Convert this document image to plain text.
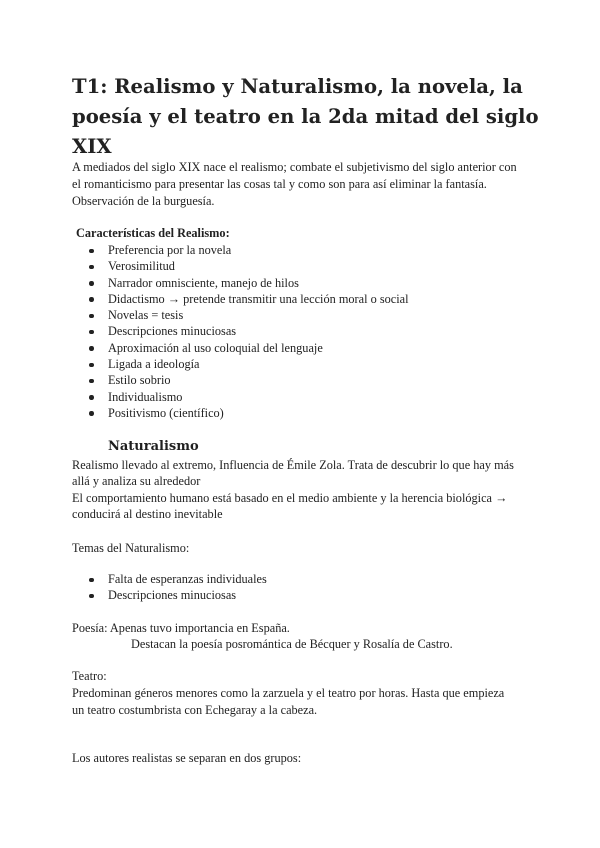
T1: Realismo y Naturalismo, la novela, la poesía y el teatro en la 2da mitad del siglo XIX
A mediados del siglo XIX nace el realismo; combate el subjetivismo del siglo anterior con
el romanticismo para presentar las cosas tal y como son para así eliminar la fantasía.
Observación de la burguesía.
Características del Realismo:
Preferencia por la novela
Verosimilitud
Narrador omnisciente, manejo de hilos
Didactismo → pretende transmitir una lección moral o social
Novelas = tesis
Descripciones minuciosas
Aproximación al uso coloquial del lenguaje
Ligada a ideología
Estilo sobrio
Individualismo
Positivismo (científico)
Naturalismo
Realismo llevado al extremo, Influencia de Émile Zola. Trata de descubrir lo que hay más
allá y analiza su alrededor
El comportamiento humano está basado en el medio ambiente y la herencia biológica →
conducirá al destino inevitable
Temas del Naturalismo:
Falta de esperanzas individuales
Descripciones minuciosas
Poesía: Apenas tuvo importancia en España.
Destacan la poesía posromántica de Bécquer y Rosalía de Castro.
Teatro:
Predominan géneros menores como la zarzuela y el teatro por horas. Hasta que empieza
un teatro costumbrista con Echegaray a la cabeza.
Los autores realistas se separan en dos grupos:
